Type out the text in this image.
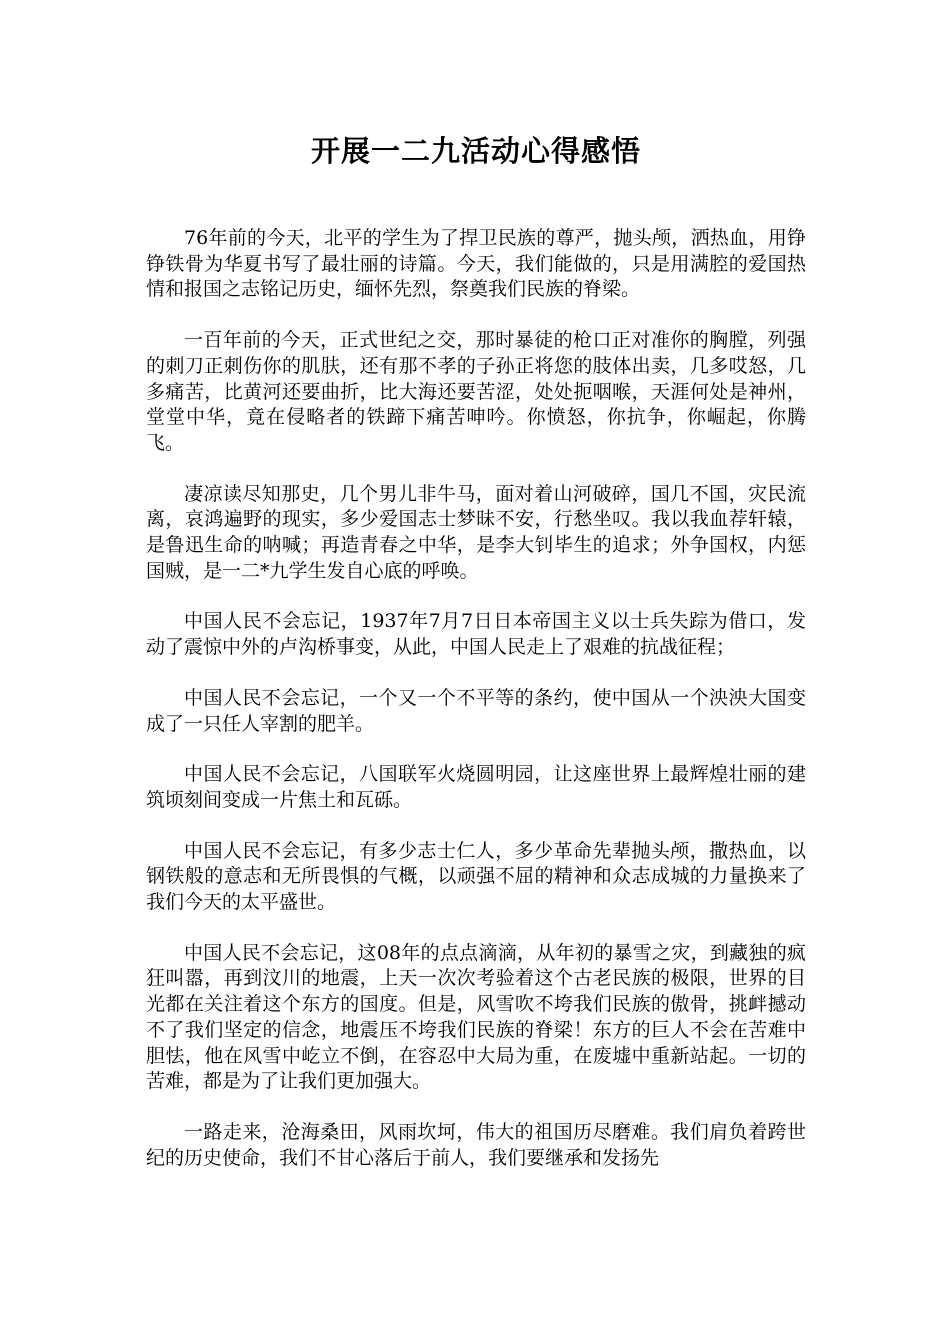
开展一二九活动心得感悟

76年前的今天，北平的学生为了捍卫民族的尊严，抛头颅，洒热血，用铮铮铁骨为华夏书写了最壮丽的诗篇。今天，我们能做的，只是用满腔的爱国热情和报国之志铭记历史，缅怀先烈，祭奠我们民族的脊梁。

一百年前的今天，正式世纪之交，那时暴徒的枪口正对准你的胸膛，列强的刺刀正刺伤你的肌肤，还有那不孝的子孙正将您的肢体出卖，几多哎怒，几多痛苦，比黄河还要曲折，比大海还要苦涩，处处扼咽喉，天涯何处是神州，堂堂中华，竟在侵略者的铁蹄下痛苦呻吟。你愤怒，你抗争，你崛起，你腾飞。

凄凉读尽知那史，几个男儿非牛马，面对着山河破碎，国几不国，灾民流离，哀鸿遍野的现实，多少爱国志士梦昧不安，行愁坐叹。我以我血荐轩辕，是鲁迅生命的呐喊；再造青春之中华，是李大钊毕生的追求；外争国权，内惩国贼，是一二*九学生发自心底的呼唤。

中国人民不会忘记，1937年7月7日日本帝国主义以士兵失踪为借口，发动了震惊中外的卢沟桥事变，从此，中国人民走上了艰难的抗战征程；

中国人民不会忘记，一个又一个不平等的条约，使中国从一个泱泱大国变成了一只任人宰割的肥羊。

中国人民不会忘记，八国联军火烧圆明园，让这座世界上最辉煌壮丽的建筑顷刻间变成一片焦土和瓦砾。

中国人民不会忘记，有多少志士仁人，多少革命先辈抛头颅，撒热血，以钢铁般的意志和无所畏惧的气概，以顽强不屈的精神和众志成城的力量换来了我们今天的太平盛世。

中国人民不会忘记，这08年的点点滴滴，从年初的暴雪之灾，到藏独的疯狂叫嚣，再到汶川的地震，上天一次次考验着这个古老民族的极限，世界的目光都在关注着这个东方的国度。但是，风雪吹不垮我们民族的傲骨，挑衅撼动不了我们坚定的信念，地震压不垮我们民族的脊梁！东方的巨人不会在苦难中胆怯，他在风雪中屹立不倒，在容忍中大局为重，在废墟中重新站起。一切的苦难，都是为了让我们更加强大。

一路走来，沧海桑田，风雨坎坷，伟大的祖国历尽磨难。我们肩负着跨世纪的历史使命，我们不甘心落后于前人，我们要继承和发扬先
